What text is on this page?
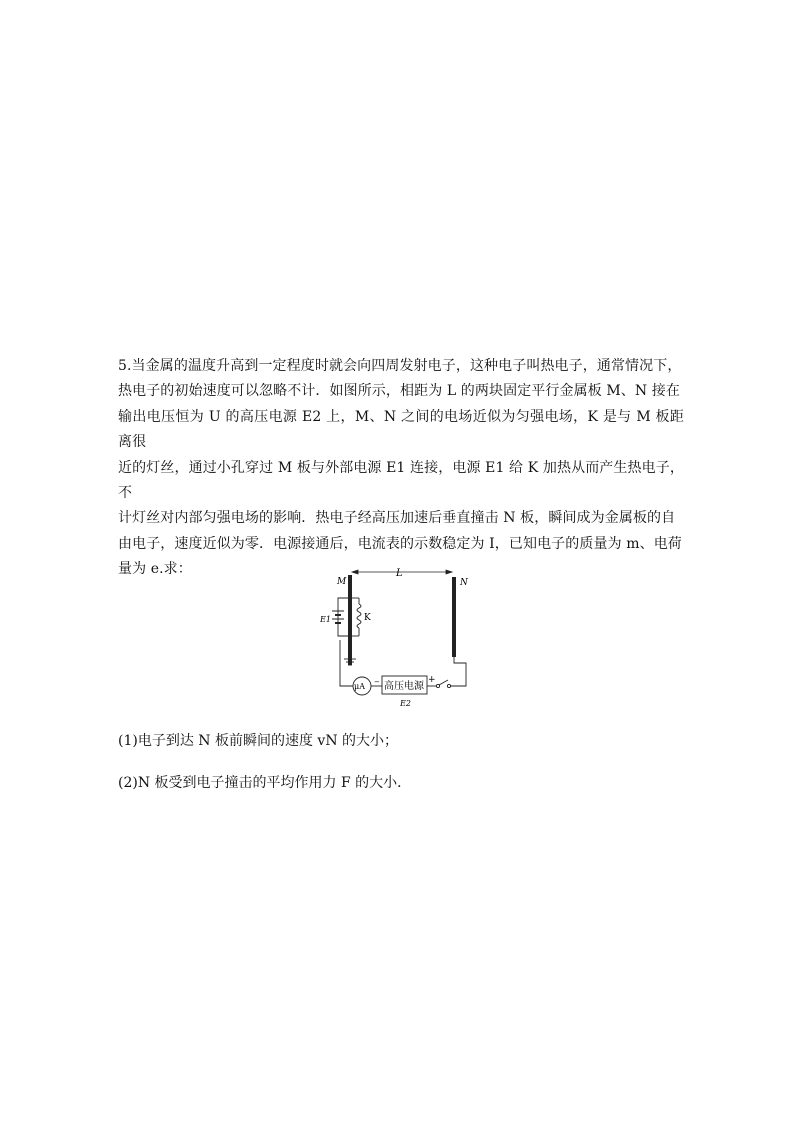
5.当金属的温度升高到一定程度时就会向四周发射电子，这种电子叫热电子，通常情况下，
热电子的初始速度可以忽略不计．如图所示，相距为 L 的两块固定平行金属板 M、N 接在
输出电压恒为 U 的高压电源 E2 上，M、N 之间的电场近似为匀强电场，K 是与 M 板距离很
近的灯丝，通过小孔穿过 M 板与外部电源 E1 连接，电源 E1 给 K 加热从而产生热电子，不
计灯丝对内部匀强电场的影响．热电子经高压加速后垂直撞击 N 板，瞬间成为金属板的自
由电子，速度近似为零．电源接通后，电流表的示数稳定为 I，已知电子的质量为 m、电荷
量为 e.求：	L
M	N
E1	K
μA − 高压电源
+
E2
(1)电子到达 N 板前瞬间的速度 vN 的大小；
(2)N 板受到电子撞击的平均作用力 F 的大小．
